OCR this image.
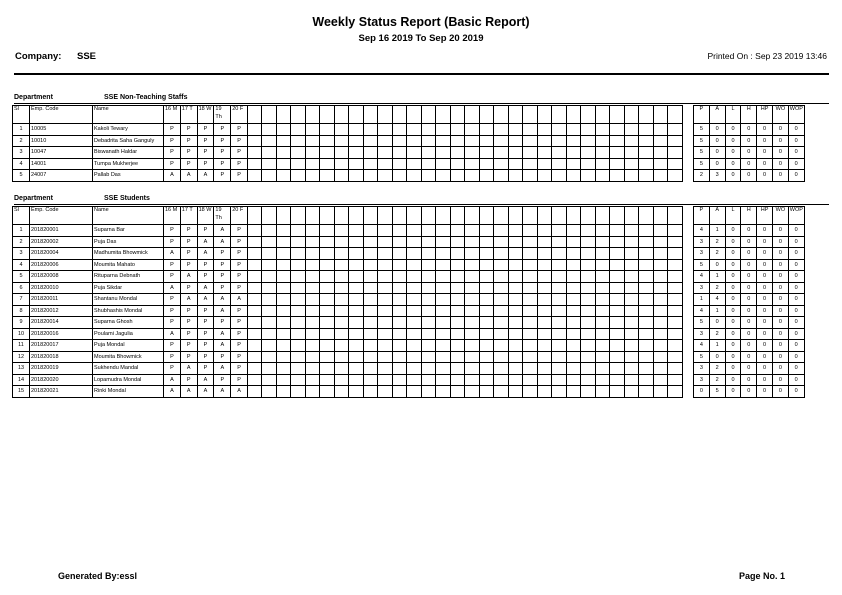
Weekly Status Report (Basic Report)
Sep 16 2019 To Sep 20 2019
Company: SSE	Printed On : Sep 23 2019 13:46
Department	SSE Non-Teaching Staffs
Sl	Emp. Code	Name	16 M	17 T	18 W	19 Th	20 F																																P	A	L	H	HP	WO	WOP
1	10005	Kakoli Tewary	P	P	P	P	P																																5	0	0	0	0	0	0
2	10010	Debadrita Saha Ganguly	P	P	P	P	P																																5	0	0	0	0	0	0
3	10047	Biswanath Haldar	P	P	P	P	P																																5	0	0	0	0	0	0
4	14001	Tumpa Mukherjee	P	P	P	P	P																																5	0	0	0	0	0	0
5	24007	Pallab Das	A	A	A	P	P																																2	3	0	0	0	0	0
Department	SSE Students
Sl	Emp. Code	Name	16 M	17 T	18 W	19 Th	20 F																																P	A	L	H	HP	WO	WOP
1	201820001	Suparna Bar	P	P	P	A	P																																4	1	0	0	0	0	0
2	201820002	Puja Das	P	P	A	A	P																																3	2	0	0	0	0	0
3	201820004	Madhumita Bhowmick	A	P	A	P	P																																3	2	0	0	0	0	0
4	201820006	Moumita Mahato	P	P	P	P	P																																5	0	0	0	0	0	0
5	201820008	Rituparna Debnath	P	A	P	P	P																																4	1	0	0	0	0	0
6	201820010	Puja Sikdar	A	P	A	P	P																																3	2	0	0	0	0	0
7	201820011	Shantanu Mondal	P	A	A	A	A																																1	4	0	0	0	0	0
8	201820012	Shubhashis Mondal	P	P	P	A	P																																4	1	0	0	0	0	0
9	201820014	Suparna Ghosh	P	P	P	P	P																																5	0	0	0	0	0	0
10	201820016	Poulami Jagulia	A	P	P	A	P																																3	2	0	0	0	0	0
11	201820017	Puja Mondal	P	P	P	A	P																																4	1	0	0	0	0	0
12	201820018	Moumita Bhowmick	P	P	P	P	P																																5	0	0	0	0	0	0
13	201820019	Sukhendu Mandal	P	A	P	A	P																																3	2	0	0	0	0	0
14	201820020	Lopamudra Mondal	A	P	A	P	P																																3	2	0	0	0	0	0
15	201820021	Rinki Mondal	A	A	A	A	A																																0	5	0	0	0	0	0
Generated By:essl	Page No. 1
